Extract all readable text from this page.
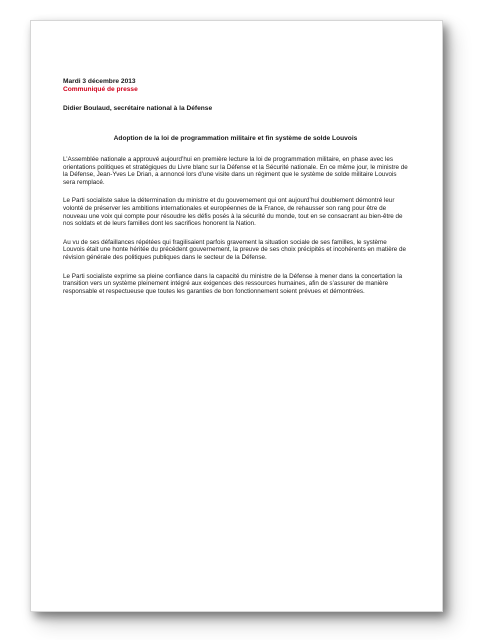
Mardi 3 décembre 2013
Communiqué de presse
Didier Boulaud, secrétaire national à la Défense
Adoption de la loi de programmation militaire et fin système de solde Louvois
L’Assemblée nationale a approuvé aujourd’hui en première lecture la loi de programmation militaire, en phase avec les orientations politiques et stratégiques du Livre blanc sur la Défense et la Sécurité nationale. En ce même jour, le ministre de la Défense, Jean-Yves Le Drian, a annoncé lors d’une visite dans un régiment que le système de solde militaire Louvois sera remplacé.
Le Parti socialiste salue la détermination du ministre et du gouvernement qui ont aujourd’hui doublement démontré leur volonté de préserver les ambitions internationales et européennes de la France, de rehausser son rang pour être de nouveau une voix qui compte pour résoudre les défis posés à la sécurité du monde, tout en se consacrant au bien-être de nos soldats et de leurs familles dont les sacrifices honorent la Nation.
Au vu de ses défaillances répétées qui fragilisaient parfois gravement la situation sociale de ses familles, le système Louvois était une honte héritée du précédent gouvernement, la preuve de ses choix précipités et incohérents en matière de révision générale des politiques publiques dans le secteur de la Défense.
Le Parti socialiste exprime sa pleine confiance dans la capacité du ministre de la Défense à mener dans la concertation la transition vers un système pleinement intégré aux exigences des ressources humaines, afin de s’assurer de manière responsable et respectueuse que toutes les garanties de bon fonctionnement soient prévues et démontrées.
